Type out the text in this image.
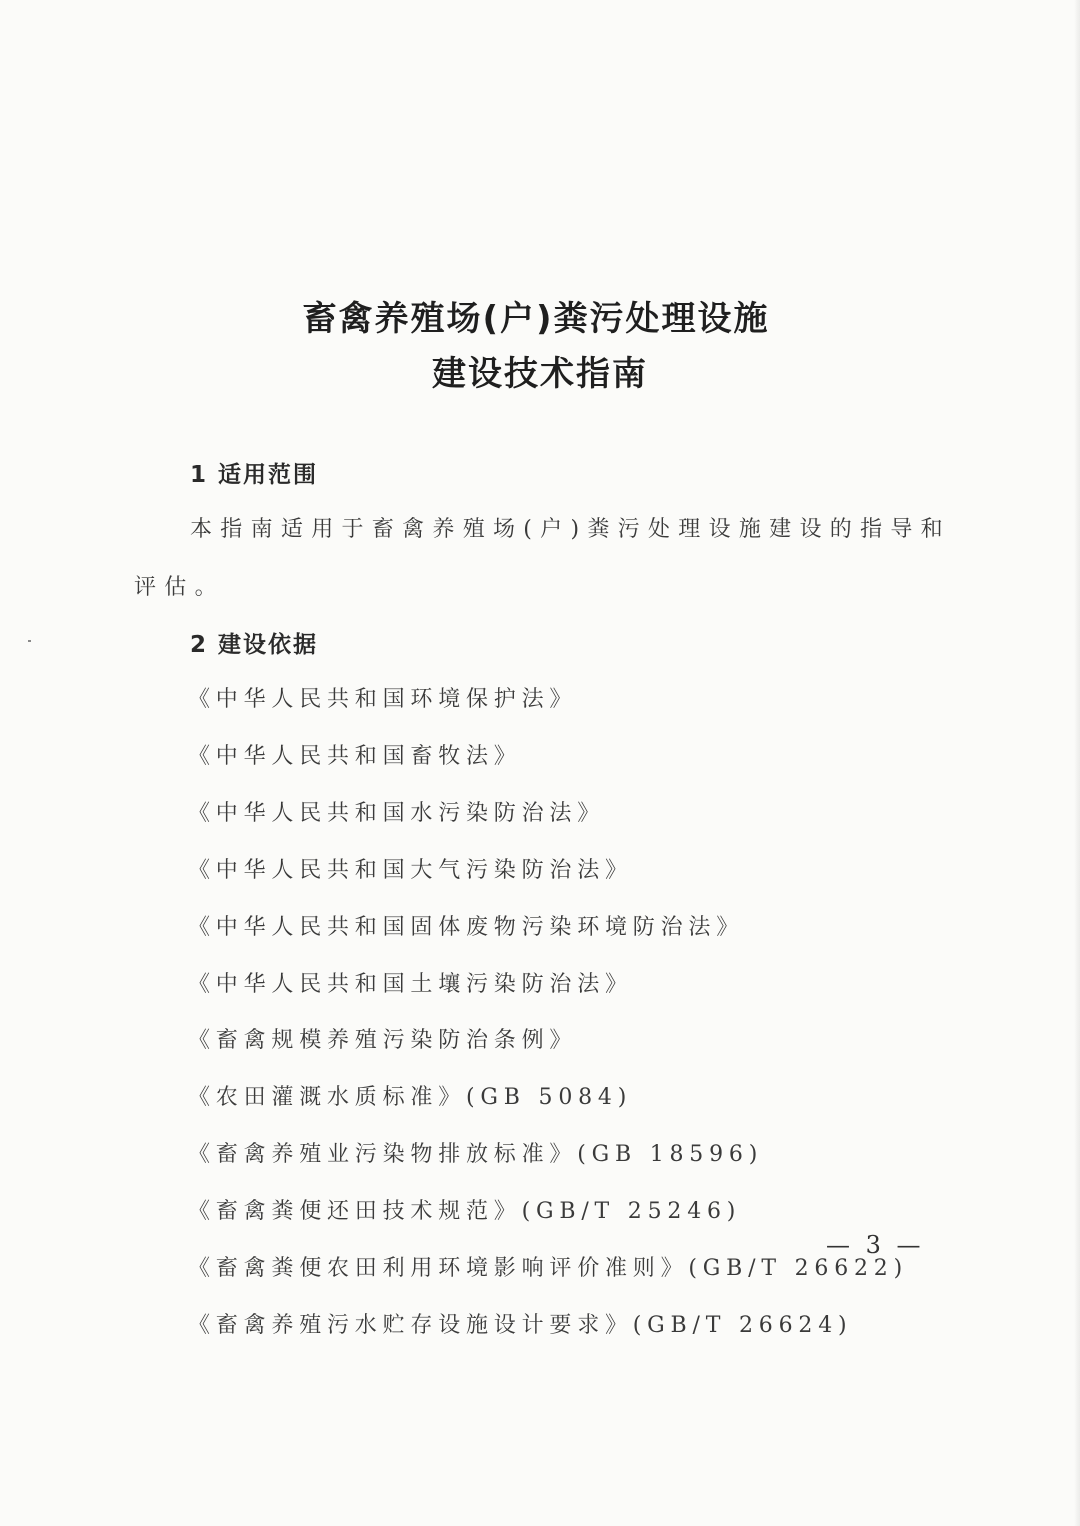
畜禽养殖场(户)粪污处理设施
建设技术指南
1 适用范围
本指南适用于畜禽养殖场(户)粪污处理设施建设的指导和
评估。
2 建设依据
《中华人民共和国环境保护法》
《中华人民共和国畜牧法》
《中华人民共和国水污染防治法》
《中华人民共和国大气污染防治法》
《中华人民共和国固体废物污染环境防治法》
《中华人民共和国土壤污染防治法》
《畜禽规模养殖污染防治条例》
《农田灌溉水质标准》(GB 5084)
《畜禽养殖业污染物排放标准》(GB 18596)
《畜禽粪便还田技术规范》(GB/T 25246)
《畜禽粪便农田利用环境影响评价准则》(GB/T 26622)
《畜禽养殖污水贮存设施设计要求》(GB/T 26624)
— 3 —
